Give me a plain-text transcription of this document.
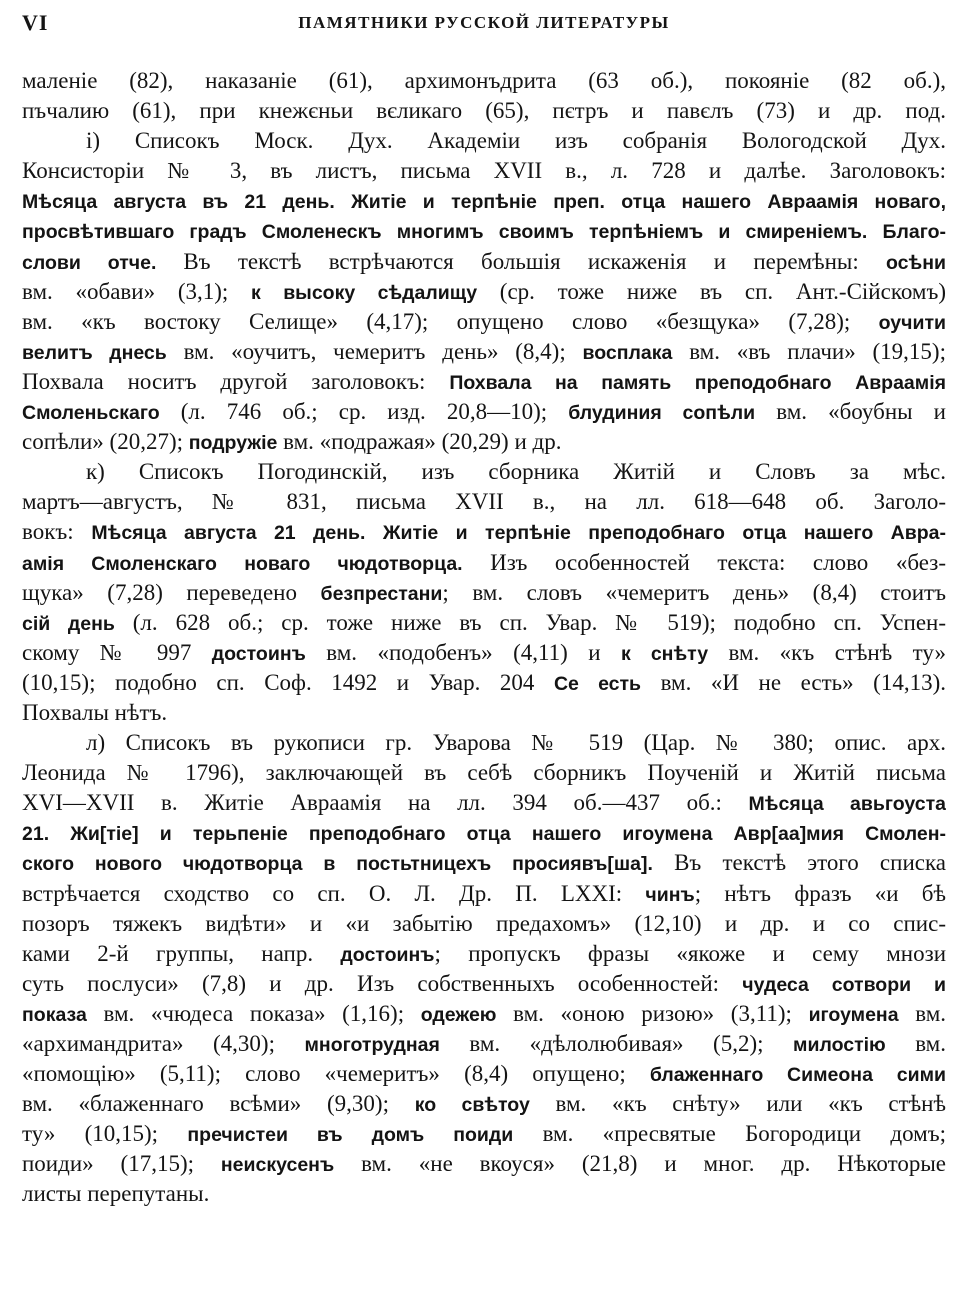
VI	ПАМЯТНИКИ РУССКОЙ ЛИТЕРАТУРЫ
маленіе (82), наказаніе (61), архимонъдрита (63 об.), покояніе (82 об.),
пъчалию (61), при кнежєньи вєликаго (65), пєтръ и павєлъ (73) и др. под.
і) Списокъ Моск. Дух. Академіи изъ собранія Вологодской Дух.
Консисторіи № 3, въ листъ, письма XVII в., л. 728 и далѣе. Заголовокъ:
Мѣсяца августа въ 21 день. Житіе и терпѣніе преп. отца нашего Авраамія новаго,
просвѣтившаго градъ Смоленескъ многимъ своимъ терпѣніемъ и смиреніемъ. Благо-
слови отче. Въ текстѣ встрѣчаются большія искаженія и перемѣны: осѣни
вм. «обави» (3,1); к высоку сѣдалищу (ср. тоже ниже въ сп. Ант.-Сійскомъ)
вм. «къ востоку Селище» (4,17); опущено слово «безщука» (7,28); оучити
велитъ днесь вм. «оучитъ, чемеритъ день» (8,4); восплака вм. «въ плачи» (19,15);
Похвала носитъ другой заголовокъ: Похвала на память преподобнаго Авраамія
Смоленьскаго (л. 746 об.; ср. изд. 20,8—10); блудиния сопѣли вм. «боубны и
сопѣли» (20,27); подружіе вм. «подражая» (20,29) и др.
к) Списокъ Погодинскій, изъ сборника Житій и Словъ за мѣс.
мартъ—августъ, № 831, письма XVII в., на лл. 618—648 об. Заголо-
вокъ: Мѣсяца августа 21 день. Житіе и терпѣніе преподобнаго отца нашего Авра-
амія Смоленскаго новаго чюдотворца. Изъ особенностей текста: слово «без-
щука» (7,28) переведено безпрестани; вм. словъ «чемеритъ день» (8,4) стоитъ
сій день (л. 628 об.; ср. тоже ниже въ сп. Увар. № 519); подобно сп. Успен-
скому № 997 достоинъ вм. «подобенъ» (4,11) и к снѣту вм. «къ стѣнѣ ту»
(10,15); подобно сп. Соф. 1492 и Увар. 204 Се есть вм. «И не есть» (14,13).
Похвалы нѣтъ.
л) Списокъ въ рукописи гр. Уварова № 519 (Цар. № 380; опис. арх.
Леонида № 1796), заключающей въ себѣ сборникъ Поученій и Житій письма
XVI—XVII в. Житіе Авраамія на лл. 394 об.—437 об.: Мѣсяца авьгоуста
21. Жи[тіе] и терьпеніе преподобнаго отца нашего игоумена Авр[аа]мия Смолен-
ского нового чюдотворца в постьтницехъ просиявъ[ша]. Въ текстѣ этого списка
встрѣчается сходство со сп. О. Л. Др. П. LXXI: чинъ; нѣтъ фразъ «и бѣ
позоръ тяжекъ видѣти» и «и забытію предахомъ» (12,10) и др. и со спис-
ками 2-й группы, напр. достоинъ; пропускъ фразы «якоже и сему мнози
суть послуси» (7,8) и др. Изъ собственныхъ особенностей: чудеса сотвори и
показа вм. «чюдеса показа» (1,16); одежею вм. «оною ризою» (3,11); игоумена вм.
«архимандрита» (4,30); многотрудная вм. «дѣлолюбивая» (5,2); милостію вм.
«помощію» (5,11); слово «чемеритъ» (8,4) опущено; блаженнаго Симеона сими
вм. «блаженнаго всѣми» (9,30); ко свѣтоу вм. «къ снѣту» или «къ стѣнѣ
ту» (10,15); пречистеи въ домъ поиди вм. «пресвятые Богородици домъ;
поиди» (17,15); неискусенъ вм. «не вкоуся» (21,8) и мног. др. Нѣкоторые
листы перепутаны.
